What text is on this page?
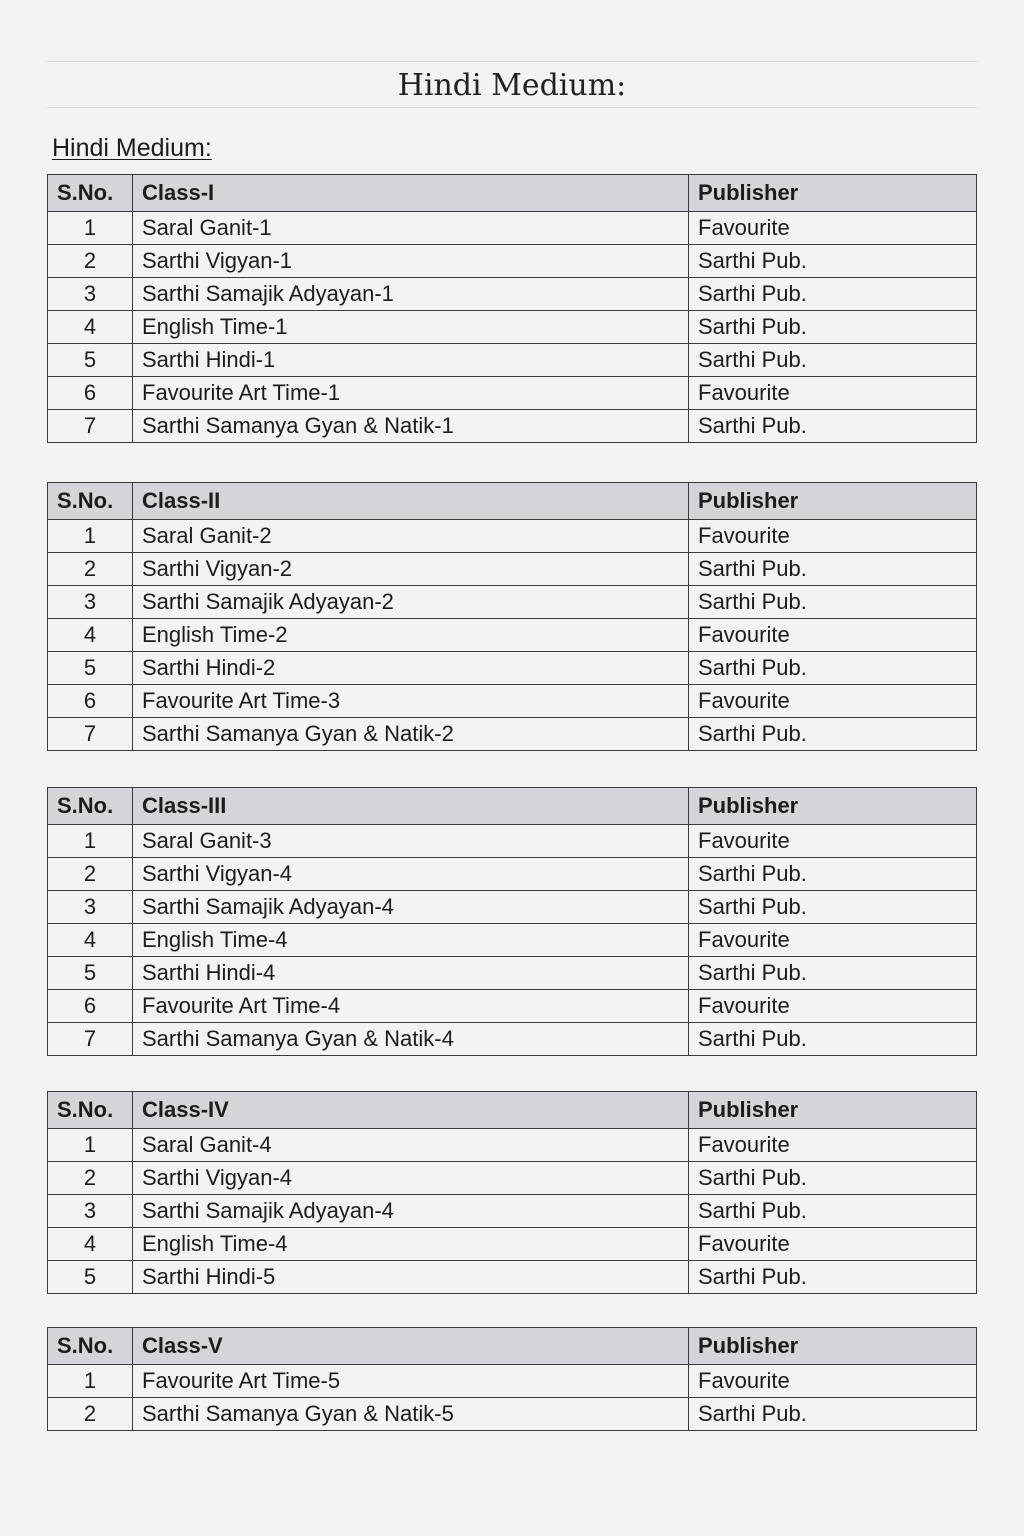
Hindi Medium:
Hindi Medium:
S.No.	Class-I	Publisher
1	Saral Ganit-1	Favourite
2	Sarthi Vigyan-1	Sarthi Pub.
3	Sarthi Samajik Adyayan-1	Sarthi Pub.
4	English Time-1	Sarthi Pub.
5	Sarthi Hindi-1	Sarthi Pub.
6	Favourite Art Time-1	Favourite
7	Sarthi Samanya Gyan & Natik-1	Sarthi Pub.
S.No.	Class-II	Publisher
1	Saral Ganit-2	Favourite
2	Sarthi Vigyan-2	Sarthi Pub.
3	Sarthi Samajik Adyayan-2	Sarthi Pub.
4	English Time-2	Favourite
5	Sarthi Hindi-2	Sarthi Pub.
6	Favourite Art Time-3	Favourite
7	Sarthi Samanya Gyan & Natik-2	Sarthi Pub.
S.No.	Class-III	Publisher
1	Saral Ganit-3	Favourite
2	Sarthi Vigyan-4	Sarthi Pub.
3	Sarthi Samajik Adyayan-4	Sarthi Pub.
4	English Time-4	Favourite
5	Sarthi Hindi-4	Sarthi Pub.
6	Favourite Art Time-4	Favourite
7	Sarthi Samanya Gyan & Natik-4	Sarthi Pub.
S.No.	Class-IV	Publisher
1	Saral Ganit-4	Favourite
2	Sarthi Vigyan-4	Sarthi Pub.
3	Sarthi Samajik Adyayan-4	Sarthi Pub.
4	English Time-4	Favourite
5	Sarthi Hindi-5	Sarthi Pub.
S.No.	Class-V	Publisher
1	Favourite Art Time-5	Favourite
2	Sarthi Samanya Gyan & Natik-5	Sarthi Pub.
